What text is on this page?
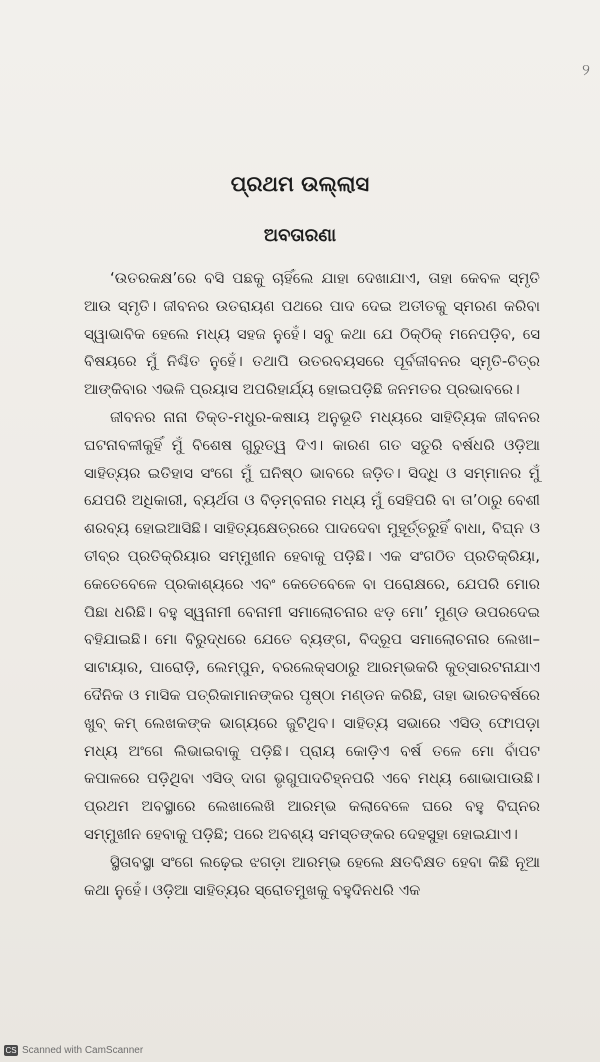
୨
ପ୍ରଥମ ଉଲ୍ଲାସ
ଅବତାରଣା

‘ଉତରକକ୍ଷ’ରେ ବସି ପଛକୁ ଚାହିଁଲେ ଯାହା ଦେଖାଯାଏ, ତାହା କେବଳ ସ୍ମୃତି ଆଉ ସ୍ମୃତି। ଜୀବନର ଉତରାୟଣ ପଥରେ ପାଦ ଦେଇ ଅତୀତକୁ ସ୍ମରଣ କରିବା ସ୍ୱାଭାବିକ ହେଲେ ମଧ୍ୟ ସହଜ ନୁହେଁ। ସବୁ କଥା ଯେ ଠିକ୍‌ଠିକ୍ ମନେପଡ଼ିବ, ସେ ବିଷୟରେ ମୁଁ ନିଶ୍ଚିତ ନୁହେଁ। ତଥାପି ଉତରବୟସରେ ପୂର୍ବଜୀବନର ସ୍ମୃତି-ଚିତ୍ର ଆଙ୍କିବାର ଏଭଳି ପ୍ରୟାସ ଅପରିହାର୍ଯ୍ୟ ହୋଇପଡ଼ିଛି ଜନମତର ପ୍ରଭାବରେ।

ଜୀବନର ନାନା ତିକ୍ତ-ମଧୁର-କଷାୟ ଅନୁଭୂତି ମଧ୍ୟରେ ସାହିତ୍ୟିକ ଜୀବନର ଘଟନାବଳୀକୁହିଁ ମୁଁ ବିଶେଷ ଗୁରୁତ୍ୱ ଦିଏ। କାରଣ ଗତ ସତୁରି ବର୍ଷଧରି ଓଡ଼ିଆ ସାହିତ୍ୟର ଇତିହାସ ସଂଗେ ମୁଁ ଘନିଷ୍ଠ ଭାବରେ ଜଡ଼ିତ। ସିଦ୍ଧି ଓ ସମ୍ମାନର ମୁଁ ଯେପରି ଅଧିକାରୀ, ବ୍ୟର୍ଥତା ଓ ବିଡ଼ମ୍ବନାର ମଧ୍ୟ ମୁଁ ସେହିପରି ବା ତା’ଠାରୁ ବେଶୀ ଶରବ୍ୟ ହୋଇଆସିଛି। ସାହିତ୍ୟକ୍ଷେତ୍ରରେ ପାଦଦେବା ମୁହୂର୍ତ୍ତରୁହିଁ ବାଧା, ବିଘ୍ନ ଓ ତୀବ୍ର ପ୍ରତିକ୍ରିୟାର ସମ୍ମୁଖୀନ ହେବାକୁ ପଡ଼ିଛି। ଏକ ସଂଗଠିତ ପ୍ରତିକ୍ରିୟା, କେତେବେଳେ ପ୍ରକାଶ୍ୟରେ ଏବଂ କେତେବେଳେ ବା ପରୋକ୍ଷରେ, ଯେପରି ମୋର ପିଛା ଧରିଛି। ବହୁ ସ୍ୱନାମୀ ବେନାମୀ ସମାଲୋଚନାର ଝଡ଼ ମୋ’ ମୁଣ୍ଡ ଉପରଦେଇ ବହିଯାଇଛି। ମୋ ବିରୁଦ୍ଧରେ ଯେତେ ବ୍ୟଙ୍ଗ, ବିଦ୍ରୂପ ସମାଲୋଚନାର ଲେଖା– ସାଟାୟାର, ପାରୋଡ଼ି, ଲେମ୍ପୁନ, ବରଲେକ୍‌ସଠାରୁ ଆରମ୍ଭକରି କୁତ୍ସାରଟନାଯାଏ ଦୈନିକ ଓ ମାସିକ ପତ୍ରିକାମାନଙ୍କର ପୃଷ୍ଠା ମଣ୍ଡନ କରିଛି, ତାହା ଭାରତବର୍ଷରେ ଖୁବ୍ କମ୍ ଲେଖକଙ୍କ ଭାଗ୍ୟରେ ଜୁଟିଥିବ। ସାହିତ୍ୟ ସଭାରେ ଏସିଡ୍ ଫୋପଡ଼ା ମଧ୍ୟ ଅଂଗେ ଲିଭାଇବାକୁ ପଡ଼ିଛି। ପ୍ରାୟ କୋଡ଼ିଏ ବର୍ଷ ତଳେ ମୋ ବାଁପଟ କପାଳରେ ପଡ଼ିଥିବା ଏସିଡ୍ ଦାଗ ଭୃଗୁପାଦଚିହ୍ନପରି ଏବେ ମଧ୍ୟ ଶୋଭାପାଉଛି। ପ୍ରଥମ ଅବସ୍ଥାରେ ଲେଖାଲେଖି ଆରମ୍ଭ କଲାବେଳେ ଘରେ ବହୁ ବିଘ୍ନର ସମ୍ମୁଖୀନ ହେବାକୁ ପଡ଼ିଛି; ପରେ ଅବଶ୍ୟ ସମସ୍ତଙ୍କର ଦେହସୁହା ହୋଇଯାଏ।

ସ୍ଥିତାବସ୍ଥା ସଂଗେ ଲଢ଼େଇ ଝଗଡ଼ା ଆରମ୍ଭ ହେଲେ କ୍ଷତବିକ୍ଷତ ହେବା କିଛି ନୂଆ କଥା ନୁହେଁ। ଓଡ଼ିଆ ସାହିତ୍ୟର ସ୍ରୋତମୁଖକୁ ବହୁଦିନଧରି ଏକ

CS Scanned with CamScanner
